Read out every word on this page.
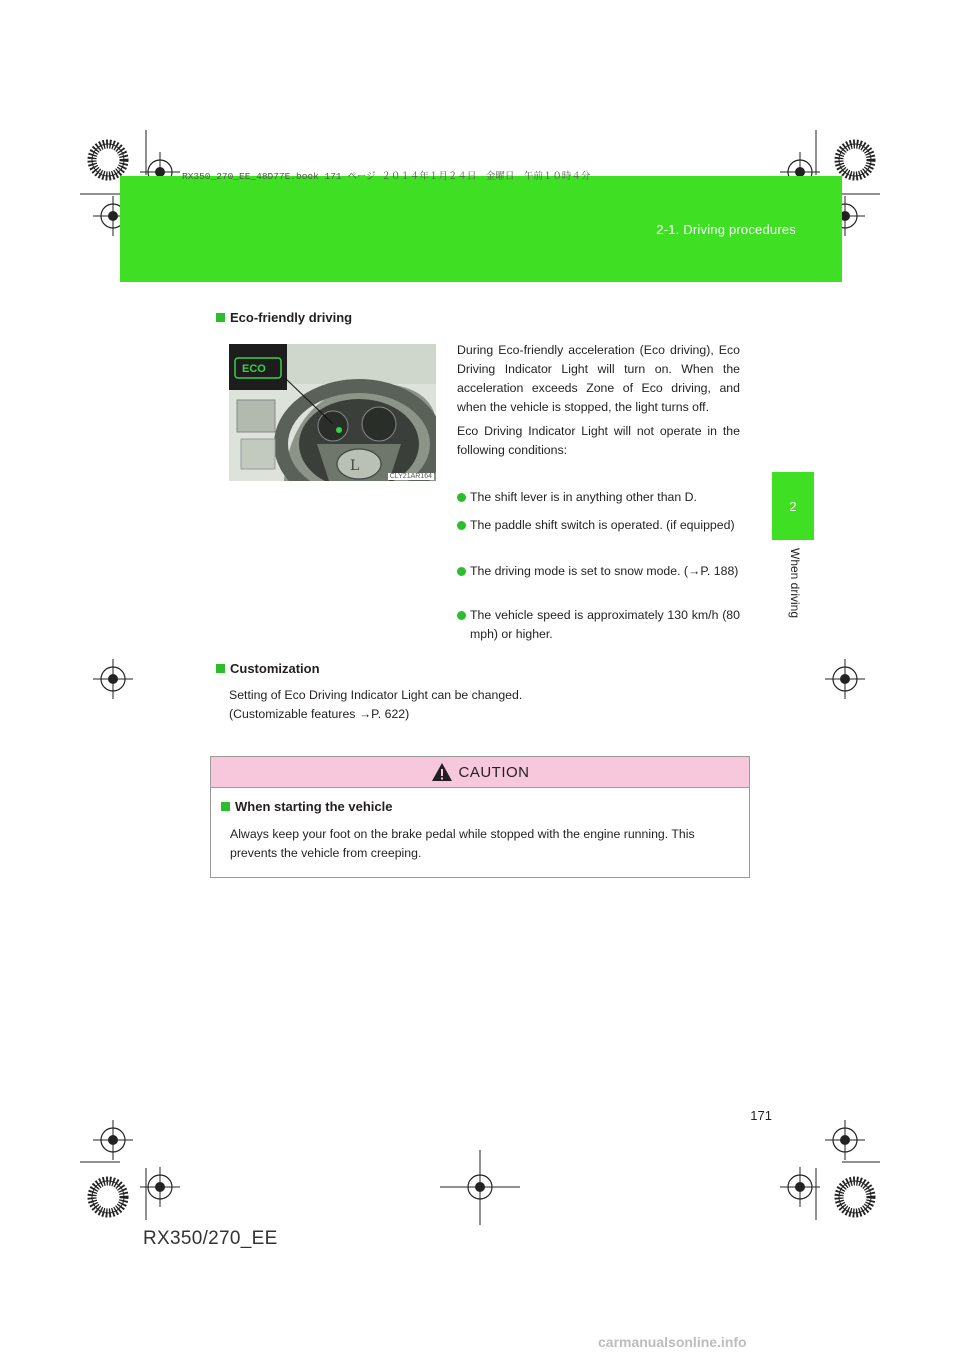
RX350_270_EE_48D77E.book 171 ページ ２０１４年１月２４日　金曜日　午前１０時４分
2-1. Driving procedures
2
When driving
Eco-friendly driving
L
ECO
CLY21AR164

During Eco-friendly acceleration (Eco driving), Eco Driving Indicator Light will turn on. When the acceleration exceeds Zone of Eco driving, and when the vehicle is stopped, the light turns off.

Eco Driving Indicator Light will not operate in the following conditions:

The shift lever is in anything other than D.
The paddle shift switch is operated. (if equipped)
The driving mode is set to snow mode. (→P. 188)
The vehicle speed is approximately 130 km/h (80 mph) or higher.
Customization
Setting of Eco Driving Indicator Light can be changed.
(Customizable features →P. 622)
CAUTION
When starting the vehicle
Always keep your foot on the brake pedal while stopped with the engine running. This prevents the vehicle from creeping.
171
RX350/270_EE
carmanualsonline.info
